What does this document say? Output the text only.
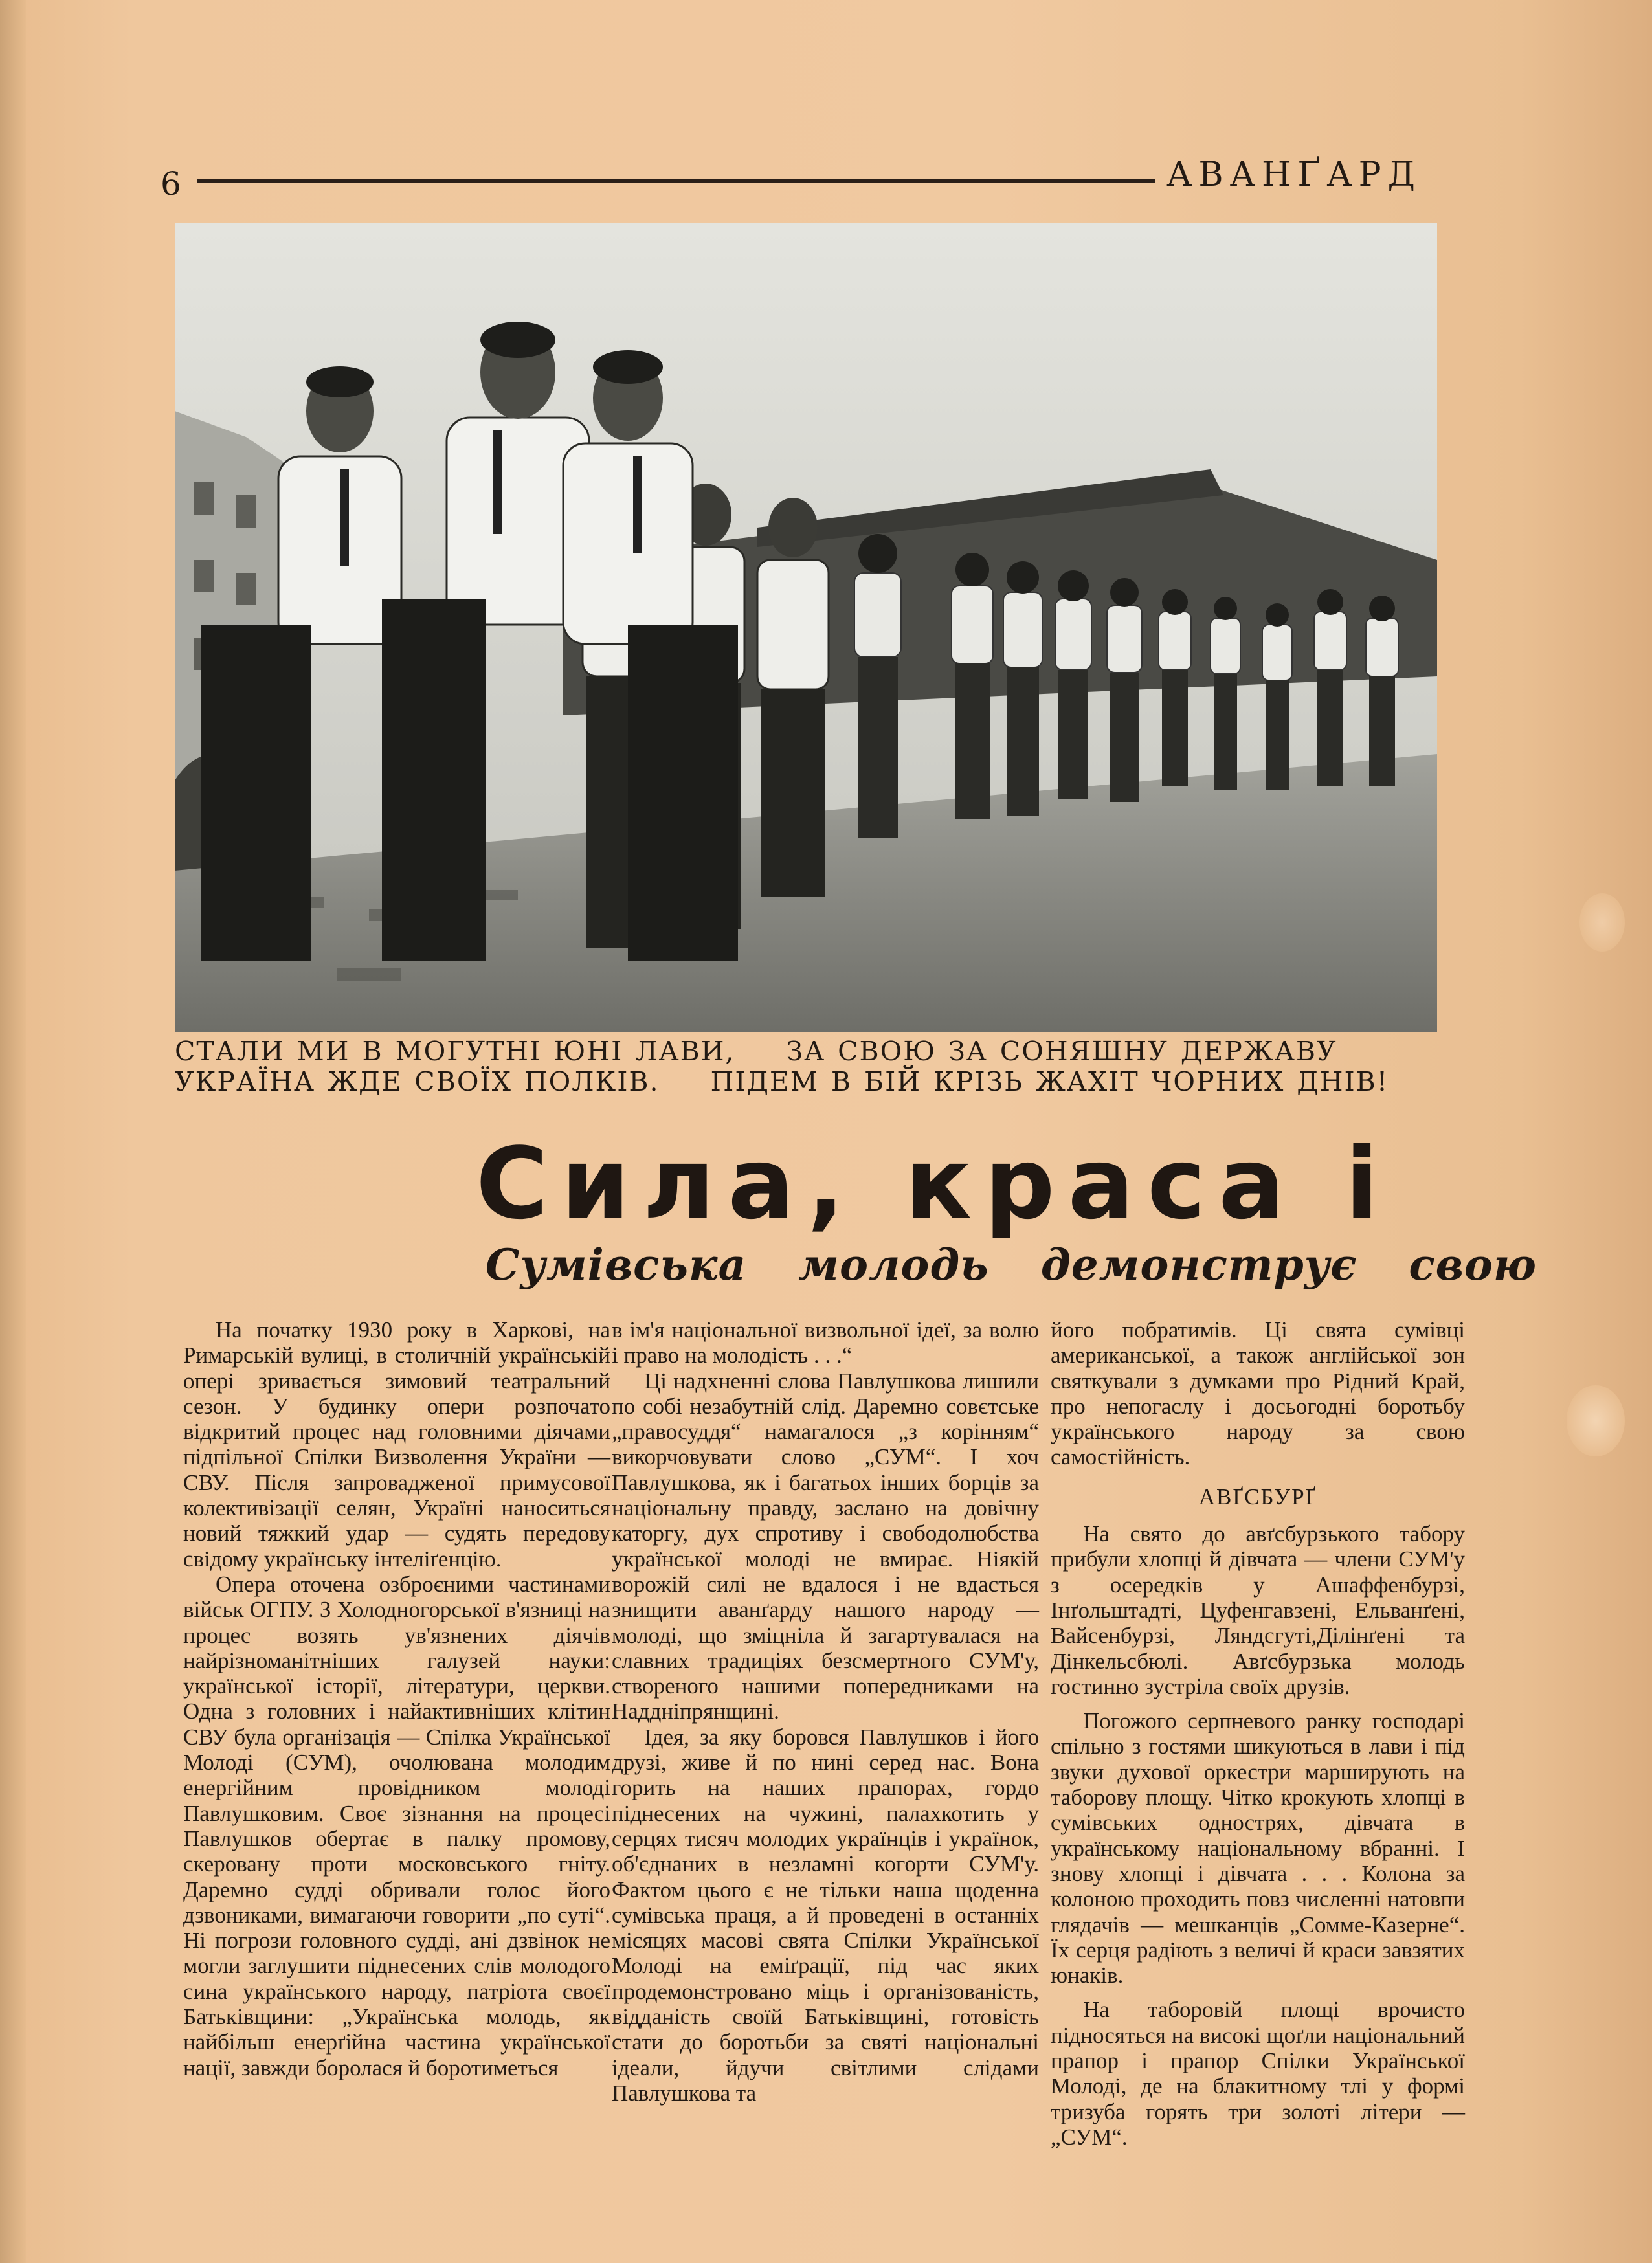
6	АВАНҐАРД
СТАЛИ МИ В МОГУТНІ ЮНІ ЛАВИ, ЗА СВОЮ ЗА СОНЯШНУ ДЕРЖАВУ
УКРАЇНА ЖДЕ СВОЇХ ПОЛКІВ. ПІДЕМ В БІЙ КРІЗЬ ЖАХІТ ЧОРНИХ ДНІВ!
Сила, краса і
Сумівська молодь демонструє свою

На початку 1930 року в Харкові, на Римарській вулиці, в столичній українській опері зривається зимовий театральний сезон. У будинку опери розпочато відкритий процес над головними діячами підпільної Спілки Визволення України — СВУ. Після запровадженої примусової колективізації селян, Україні наноситься новий тяжкий удар — судять передову свідому українську інтеліґенцію.

Опера оточена озброєними частинами військ ОГПУ. З Холодногорської в'язниці на процес возять ув'язнених діячів найрізноманітніших галузей науки: української історії, літератури, церкви. Одна з головних і найактивніших клітин СВУ була організація — Спілка Української Молоді (СУМ), очолювана молодим енергійним провідником молоді Павлушковим. Своє зізнання на процесі Павлушков обертає в палку промову, скеровану проти московського гніту. Даремно судді обривали голос його дзвониками, вимагаючи говорити „по суті“. Ні погрози головного судді, ані дзвінок не могли заглушити піднесених слів молодого сина українського народу, патріота своєї Батьківщини: „Українська молодь, як найбільш енерґійна частина української нації, завжди боролася й боротиметься

в ім'я національної визвольної ідеї, за волю і право на молодість . . .“

Ці надхненні слова Павлушкова лишили по собі незабутній слід. Даремно совєтське „правосуддя“ намагалося „з корінням“ викорчовувати слово „СУМ“. І хоч Павлушкова, як і багатьох інших борців за національну правду, заслано на довічну каторгу, дух спротиву і свободолюбства української молоді не вмирає. Ніякій ворожій силі не вдалося і не вдасться знищити аванґарду нашого народу — молоді, що зміцніла й загартувалася на славних традиціях безсмертного СУМ'у, створеного нашими попередниками на Наддніпрянщині.

Ідея, за яку боровся Павлушков і його друзі, живе й по нині серед нас. Вона горить на наших прапорах, гордо піднесених на чужині, палахкотить у серцях тисяч молодих українців і українок, об'єднаних в незламні когорти СУМ'у. Фактом цього є не тільки наша щоденна сумівська праця, а й проведені в останніх місяцях масові свята Спілки Української Молоді на еміґрації, під час яких продемонстровано міць і організованість, відданість своїй Батьківщині, готовість стати до боротьби за святі національні ідеали, йдучи світлими слідами Павлушкова та

його побратимів. Ці свята сумівці американської, а також англійської зон святкували з думками про Рідний Край, про непогаслу і досьогодні боротьбу українського народу за свою самостійність.

АВҐСБУРҐ

На свято до авґсбурзького табору прибули хлопці й дівчата — члени СУМ'у з осередків у Ашаффенбурзі, Інґольштадті, Цуфенгавзені, Ельванґені, Вайсенбурзі, Ляндсгуті,Ділінґені та Дінкельсбюлі. Авґсбурзька молодь гостинно зустріла своїх друзів.

Погожого серпневого ранку господарі спільно з гостями шикуються в лави і під звуки духової оркестри марширують на таборову площу. Чітко крокують хлопці в сумівських однострях, дівчата в українському національному вбранні. І знову хлопці і дівчата . . . Колона за колоною проходить повз численні натовпи глядачів — мешканців „Сомме-Казерне“. Їх серця радіють з величі й краси завзятих юнаків.

На таборовій площі врочисто підносяться на високі щоґли національний прапор і прапор Спілки Української Молоді, де на блакитному тлі у формі тризуба горять три золоті літери — „СУМ“.
